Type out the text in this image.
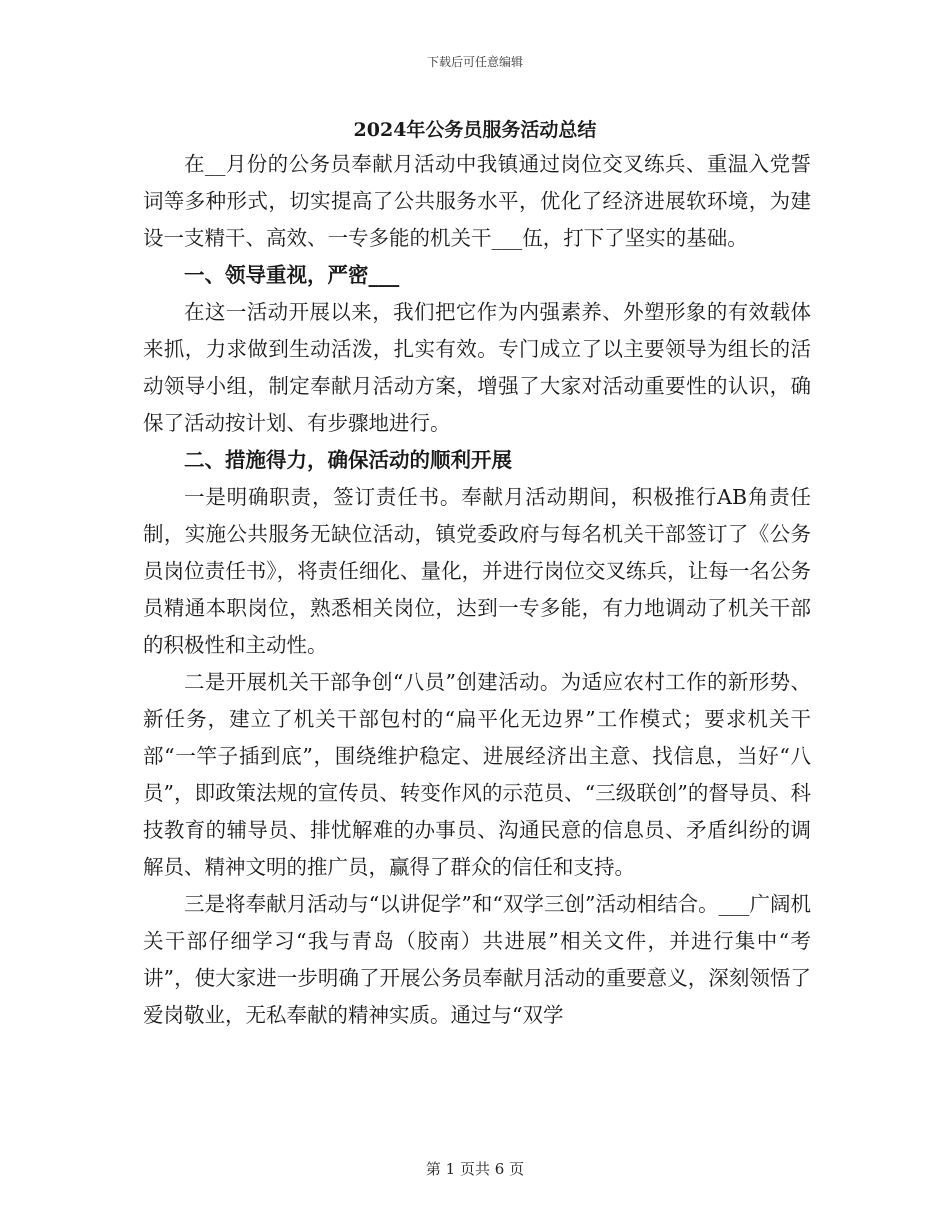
下载后可任意编辑
2024年公务员服务活动总结

在__月份的公务员奉献月活动中我镇通过岗位交叉练兵、重温入党誓词等多种形式，切实提高了公共服务水平，优化了经济进展软环境，为建设一支精干、高效、一专多能的机关干___伍，打下了坚实的基础。

一、领导重视，严密___

在这一活动开展以来，我们把它作为内强素养、外塑形象的有效载体来抓，力求做到生动活泼，扎实有效。专门成立了以主要领导为组长的活动领导小组，制定奉献月活动方案，增强了大家对活动重要性的认识，确保了活动按计划、有步骤地进行。

二、措施得力，确保活动的顺利开展

一是明确职责，签订责任书。奉献月活动期间，积极推行AB角责任制，实施公共服务无缺位活动，镇党委政府与每名机关干部签订了《公务员岗位责任书》，将责任细化、量化，并进行岗位交叉练兵，让每一名公务员精通本职岗位，熟悉相关岗位，达到一专多能，有力地调动了机关干部的积极性和主动性。

二是开展机关干部争创“八员”创建活动。为适应农村工作的新形势、新任务，建立了机关干部包村的“扁平化无边界”工作模式；要求机关干部“一竿子插到底”，围绕维护稳定、进展经济出主意、找信息，当好“八员”，即政策法规的宣传员、转变作风的示范员、“三级联创”的督导员、科技教育的辅导员、排忧解难的办事员、沟通民意的信息员、矛盾纠纷的调解员、精神文明的推广员，赢得了群众的信任和支持。

三是将奉献月活动与“以讲促学”和“双学三创”活动相结合。___广阔机关干部仔细学习“我与青岛（胶南）共进展”相关文件，并进行集中“考讲”，使大家进一步明确了开展公务员奉献月活动的重要意义，深刻领悟了爱岗敬业，无私奉献的精神实质。通过与“双学

第 1 页共 6 页
